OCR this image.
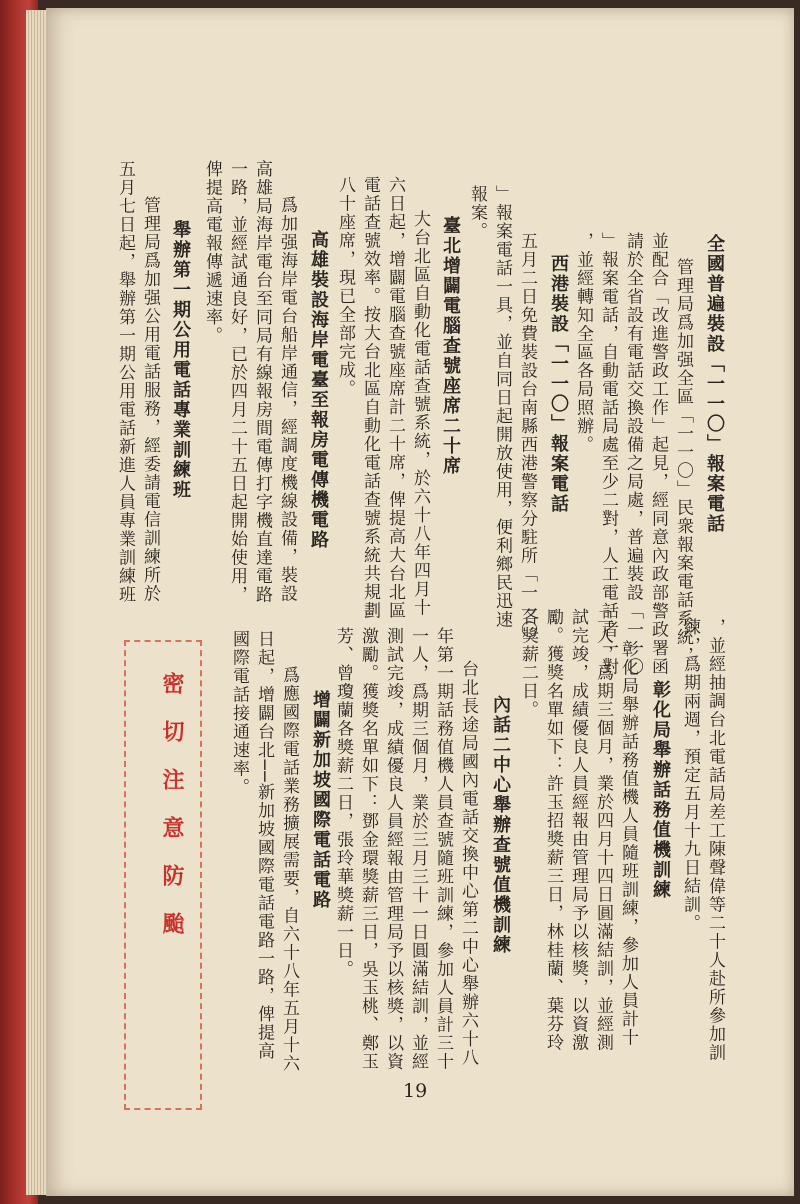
全國普遍裝設「一一〇」報案電話
管理局爲加强全區「一一〇」民衆報案電話系統，
並配合「改進警政工作」起見，經同意內政部警政署函
請於全省設有電話交換設備之局處，普遍裝設「一一〇
」報案電話，自動電話局處至少二對，人工電話者一對
，並經轉知全區各局照辦。
西港裝設「一一〇」報案電話
五月二日免費裝設台南縣西港警察分駐所「一一〇
」報案電話一具，並自同日起開放使用，便利鄉民迅速
報案。
臺北增闢電腦查號座席二十席
大台北區自動化電話查號系統，於六十八年四月十
六日起，增闢電腦查號座席計二十席，俾提高大台北區
電話查號效率。按大台北區自動化電話查號系統共規劃
八十座席，現已全部完成。
高雄裝設海岸電臺至報房電傳機電路
爲加强海岸電台船岸通信，經調度機線設備，裝設
高雄局海岸電台至同局有線報房間電傳打字機直達電路
一路，並經試通良好，已於四月二十五日起開始使用，
俾提高電報傳遞速率。
舉辦第一期公用電話專業訓練班
管理局爲加强公用電話服務，經委請電信訓練所於
五月七日起，舉辦第一期公用電話新進人員專業訓練班
，並經抽調台北電話局差工陳聲偉等二十人赴所參加訓
練，爲期兩週，預定五月十九日結訓。
彰化局舉辦話務值機訓練
彰化局舉辦話務值機人員隨班訓練，參加人員計十
二人，爲期三個月，業於四月十四日圓滿結訓，並經測
試完竣，成績優良人員經報由管理局予以核獎，以資激
勵。獲獎名單如下：許玉招獎薪三日，林桂蘭、葉芬玲
各獎薪二日。
內話二中心舉辦查號值機訓練
台北長途局國內電話交換中心第二中心舉辦六十八
年第一期話務值機人員查號隨班訓練，參加人員計三十
一人，爲期三個月，業於三月三十一日圓滿結訓，並經
測試完竣，成績優良人員經報由管理局予以核獎，以資
激勵。獲獎名單如下：鄧金環獎薪三日，吳玉桃、鄭玉
芳、曾瓊蘭各獎薪二日，張玲華獎薪一日。
增闢新加坡國際電話電路
爲應國際電話業務擴展需要，自六十八年五月十六
日起，增闢台北──新加坡國際電話電路一路，俾提高
國際電話接通速率。
密切注意防颱
19
